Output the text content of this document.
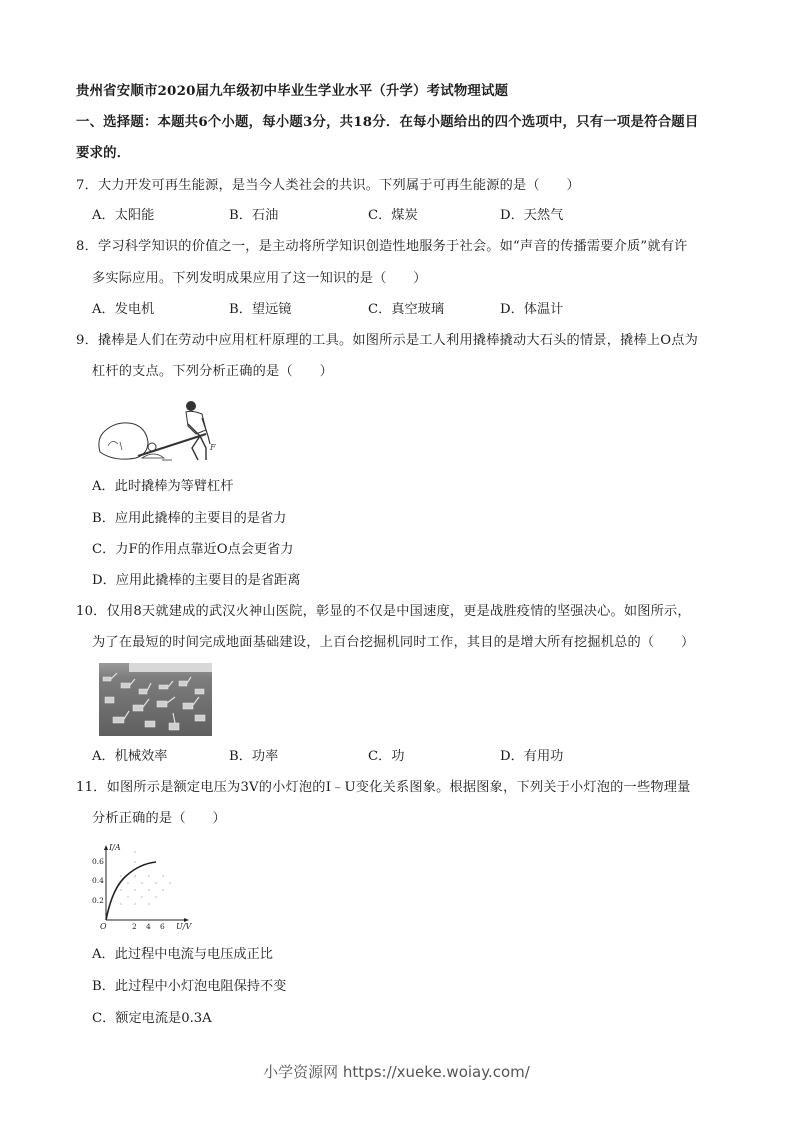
贵州省安顺市2020届九年级初中毕业生学业水平（升学）考试物理试题
一、选择题：本题共6个小题，每小题3分，共18分．在每小题给出的四个选项中，只有一项是符合题目
要求的．
7．大力开发可再生能源，是当今人类社会的共识。下列属于可再生能源的是（　　）
A．太阳能	B．石油	C．煤炭	D．天然气
8．学习科学知识的价值之一，是主动将所学知识创造性地服务于社会。如“声音的传播需要介质”就有许
多实际应用。下列发明成果应用了这一知识的是（　　）
A．发电机	B．望远镜	C．真空玻璃	D．体温计
9．撬棒是人们在劳动中应用杠杆原理的工具。如图所示是工人利用撬棒撬动大石头的情景，撬棒上O点为
杠杆的支点。下列分析正确的是（　　）
F
A．此时撬棒为等臂杠杆
B．应用此撬棒的主要目的是省力
C．力F的作用点靠近O点会更省力
D．应用此撬棒的主要目的是省距离
10．仅用8天就建成的武汉火神山医院，彰显的不仅是中国速度，更是战胜疫情的坚强决心。如图所示，
为了在最短的时间完成地面基础建设，上百台挖掘机同时工作，其目的是增大所有挖掘机总的（　　）
A．机械效率	B．功率	C．功	D．有用功
11．如图所示是额定电压为3V的小灯泡的I﹣U变化关系图象。根据图象，下列关于小灯泡的一些物理量
分析正确的是（　　）
I/A
0.2
0.4
0.6
O	2 4 6 U/V
A．此过程中电流与电压成正比
B．此过程中小灯泡电阻保持不变
C．额定电流是0.3A
小学资源网 https://xueke.woiay.com/
